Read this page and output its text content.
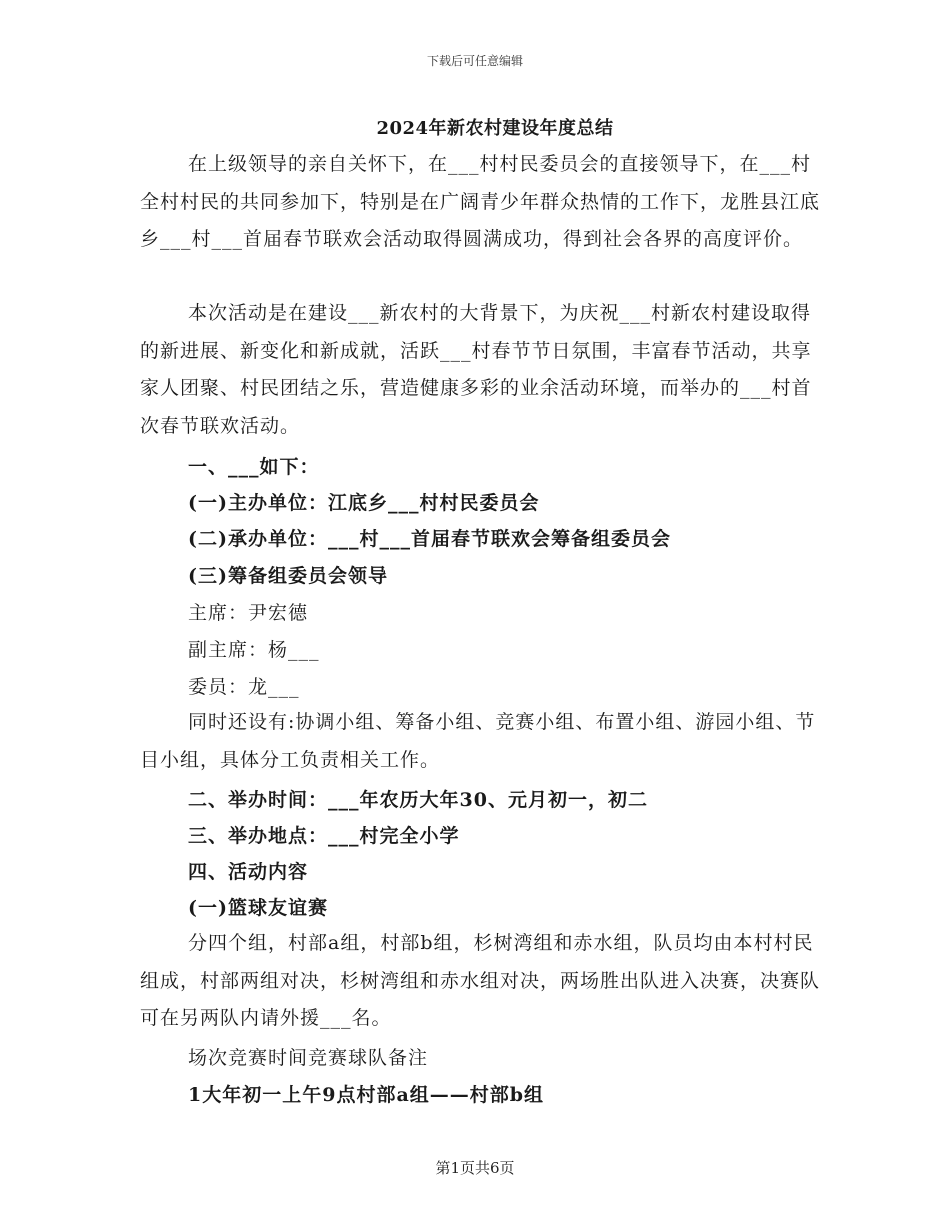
下载后可任意编辑
2024年新农村建设年度总结

在上级领导的亲自关怀下，在___村村民委员会的直接领导下，在___村全村村民的共同参加下，特别是在广阔青少年群众热情的工作下，龙胜县江底乡___村___首届春节联欢会活动取得圆满成功，得到社会各界的高度评价。

本次活动是在建设___新农村的大背景下，为庆祝___村新农村建设取得的新进展、新变化和新成就，活跃___村春节节日氛围，丰富春节活动，共享家人团聚、村民团结之乐，营造健康多彩的业余活动环境，而举办的___村首次春节联欢活动。

一、___如下：
(一)主办单位：江底乡___村村民委员会
(二)承办单位：___村___首届春节联欢会筹备组委员会
(三)筹备组委员会领导
主席：尹宏德
副主席：杨___
委员：龙___

同时还设有:协调小组、筹备小组、竞赛小组、布置小组、游园小组、节目小组，具体分工负责相关工作。

二、举办时间：___年农历大年30、元月初一，初二
三、举办地点：___村完全小学
四、活动内容
(一)篮球友谊赛

分四个组，村部a组，村部b组，杉树湾组和赤水组，队员均由本村村民组成，村部两组对决，杉树湾组和赤水组对决，两场胜出队进入决赛，决赛队可在另两队内请外援___名。

场次竞赛时间竞赛球队备注
1大年初一上午9点村部a组——村部b组
第1页共6页
